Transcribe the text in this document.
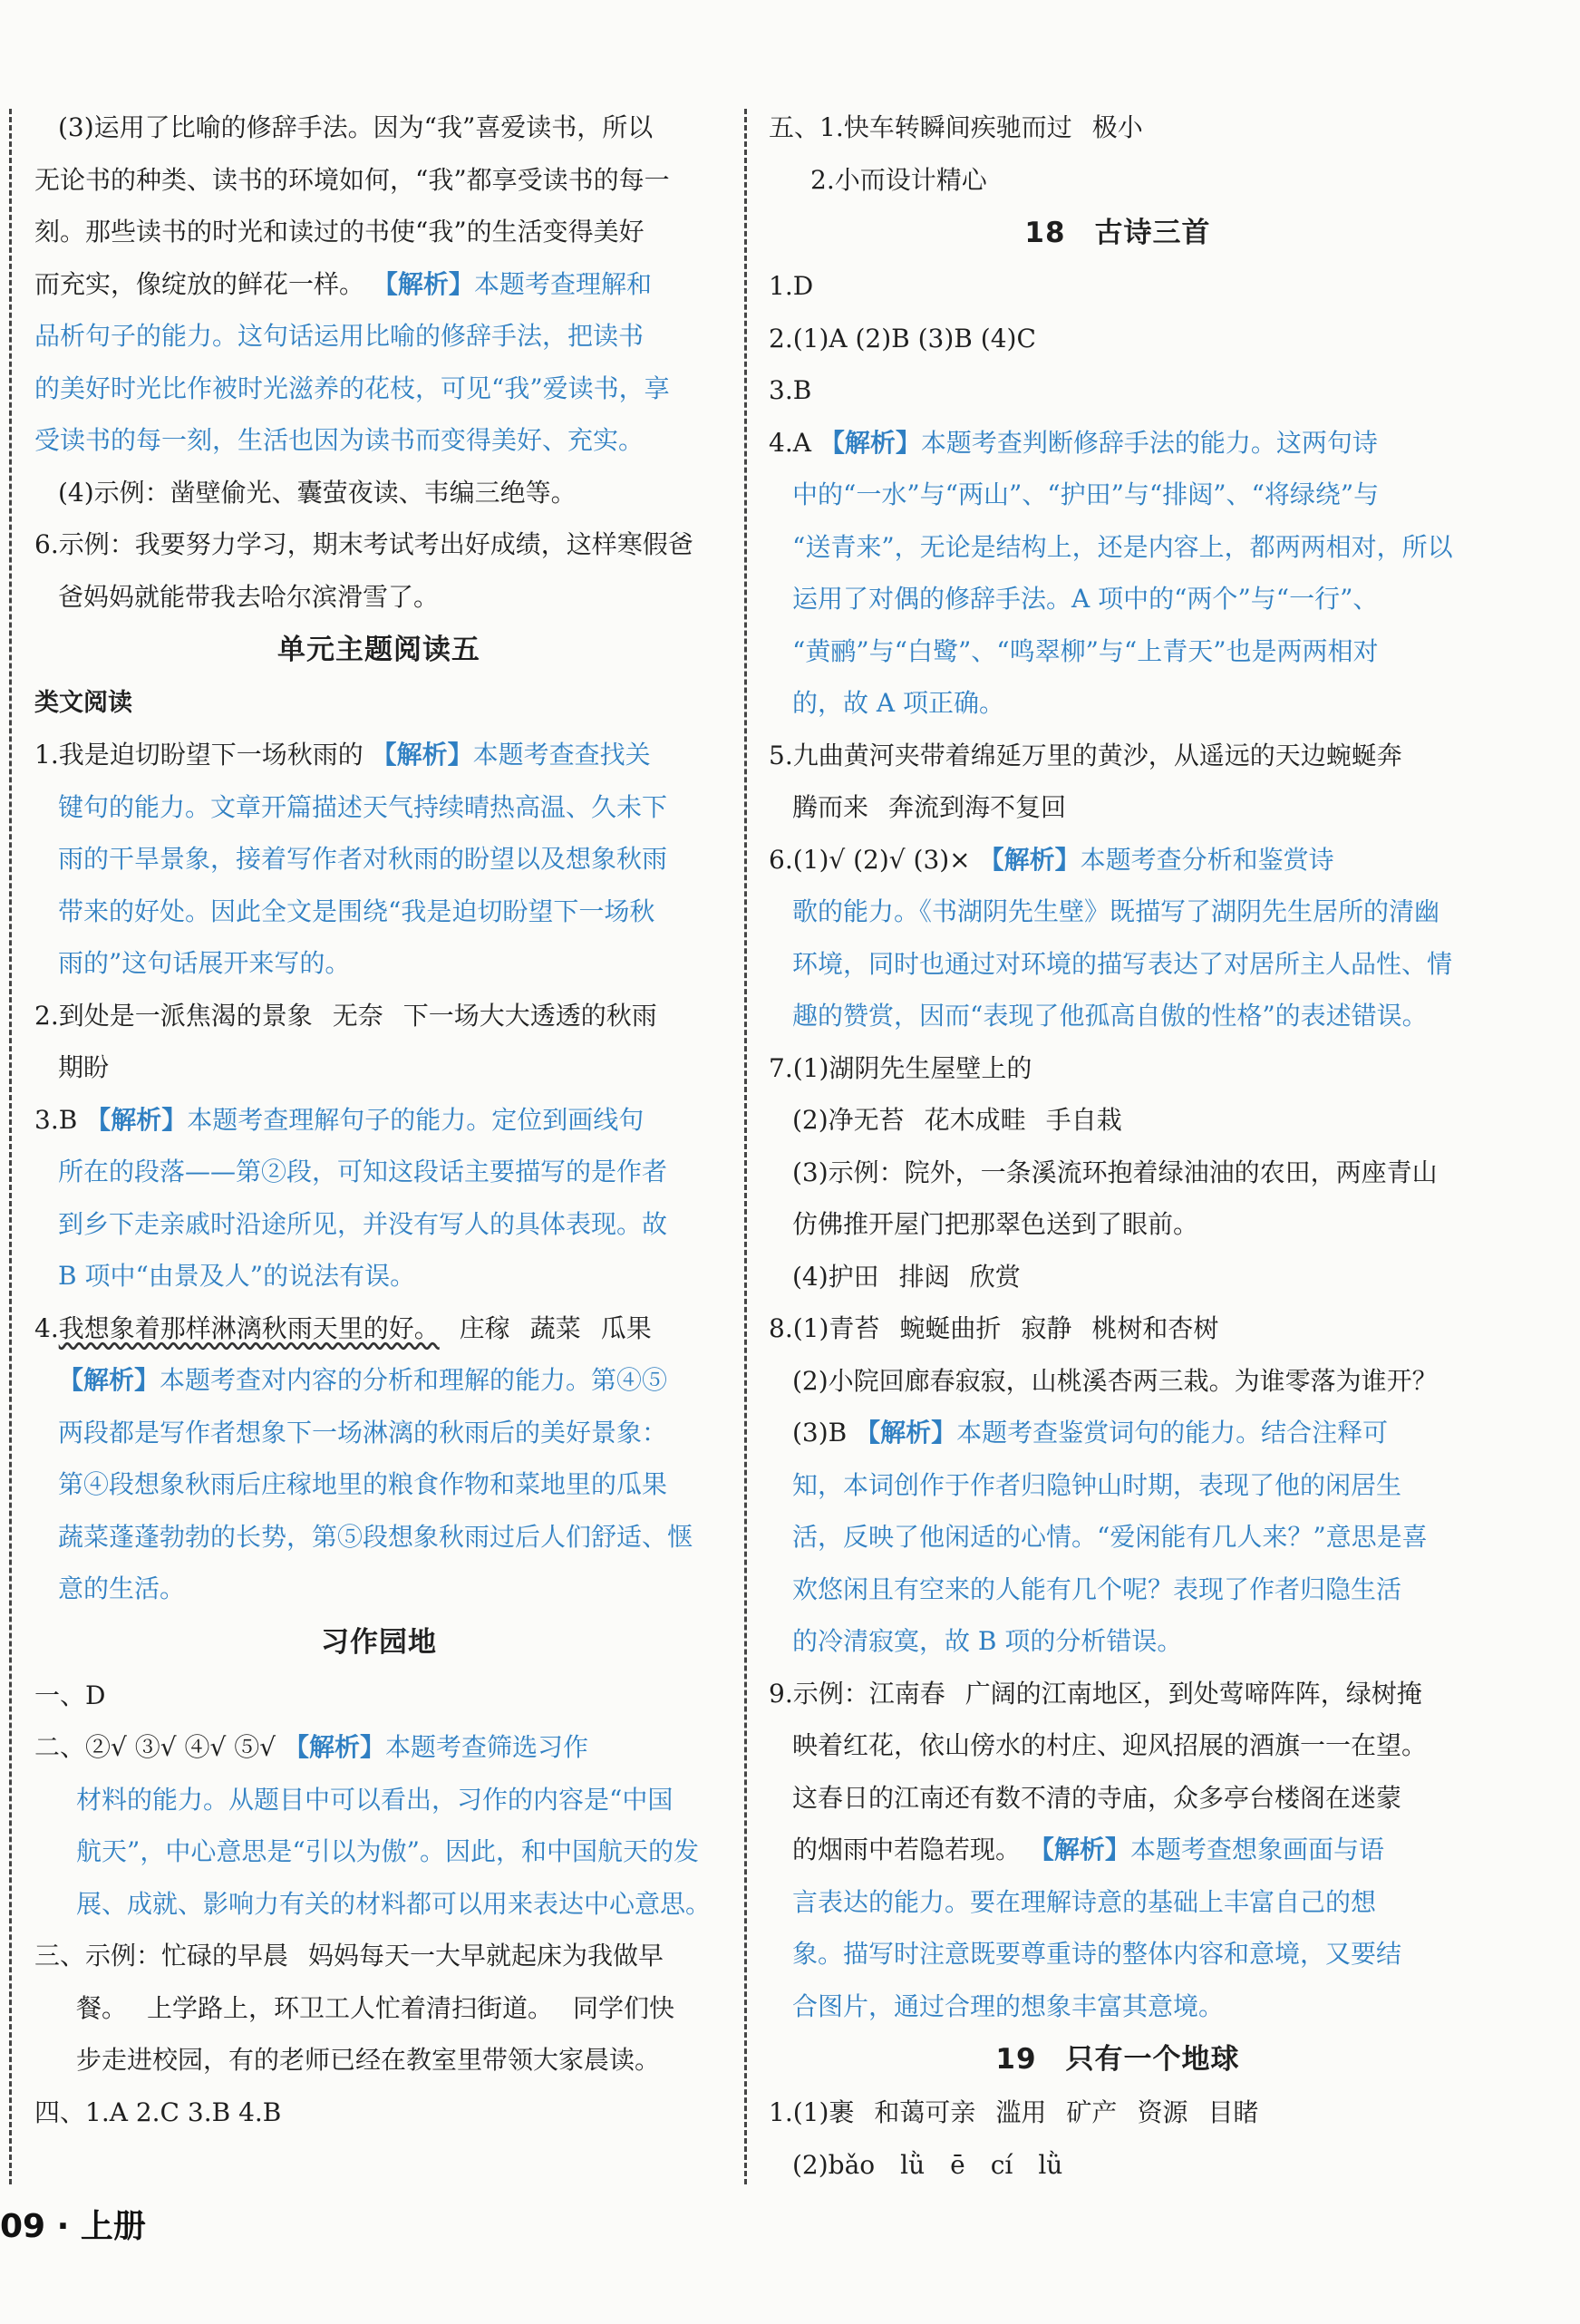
(3)运用了比喻的修辞手法。因为“我”喜爱读书，所以

无论书的种类、读书的环境如何，“我”都享受读书的每一

刻。那些读书的时光和读过的书使“我”的生活变得美好

而充实，像绽放的鲜花一样。 【解析】本题考查理解和

品析句子的能力。这句话运用比喻的修辞手法，把读书

的美好时光比作被时光滋养的花枝，可见“我”爱读书，享

受读书的每一刻，生活也因为读书而变得美好、充实。

(4)示例：凿壁偷光、囊萤夜读、韦编三绝等。

6.示例：我要努力学习，期末考试考出好成绩，这样寒假爸

爸妈妈就能带我去哈尔滨滑雪了。

单元主题阅读五

类文阅读

1.我是迫切盼望下一场秋雨的 【解析】本题考查查找关

键句的能力。文章开篇描述天气持续晴热高温、久未下

雨的干旱景象，接着写作者对秋雨的盼望以及想象秋雨

带来的好处。因此全文是围绕“我是迫切盼望下一场秋

雨的”这句话展开来写的。

2.到处是一派焦渴的景象 无奈 下一场大大透透的秋雨

期盼

3.B 【解析】本题考查理解句子的能力。定位到画线句

所在的段落——第②段，可知这段话主要描写的是作者

到乡下走亲戚时沿途所见，并没有写人的具体表现。故

B 项中“由景及人”的说法有误。

4.我想象着那样淋漓秋雨天里的好。 庄稼 蔬菜 瓜果

【解析】本题考查对内容的分析和理解的能力。第④⑤

两段都是写作者想象下一场淋漓的秋雨后的美好景象：

第④段想象秋雨后庄稼地里的粮食作物和菜地里的瓜果

蔬菜蓬蓬勃勃的长势，第⑤段想象秋雨过后人们舒适、惬

意的生活。

习作园地

一、D

二、②√ ③√ ④√ ⑤√ 【解析】本题考查筛选习作

材料的能力。从题目中可以看出，习作的内容是“中国

航天”，中心意思是“引以为傲”。因此，和中国航天的发

展、成就、影响力有关的材料都可以用来表达中心意思。

三、示例：忙碌的早晨 妈妈每天一大早就起床为我做早

餐。 上学路上，环卫工人忙着清扫街道。 同学们快

步走进校园，有的老师已经在教室里带领大家晨读。

四、1.A 2.C 3.B 4.B

五、1.快车转瞬间疾驰而过 极小

2.小而设计精心

18　古诗三首

1.D

2.(1)A (2)B (3)B (4)C

3.B

4.A 【解析】本题考查判断修辞手法的能力。这两句诗

中的“一水”与“两山”、“护田”与“排闼”、“将绿绕”与

“送青来”，无论是结构上，还是内容上，都两两相对，所以

运用了对偶的修辞手法。A 项中的“两个”与“一行”、

“黄鹂”与“白鹭”、“鸣翠柳”与“上青天”也是两两相对

的，故 A 项正确。

5.九曲黄河夹带着绵延万里的黄沙，从遥远的天边蜿蜒奔

腾而来 奔流到海不复回

6.(1)√ (2)√ (3)× 【解析】本题考查分析和鉴赏诗

歌的能力。《书湖阴先生壁》既描写了湖阴先生居所的清幽

环境，同时也通过对环境的描写表达了对居所主人品性、情

趣的赞赏，因而“表现了他孤高自傲的性格”的表述错误。

7.(1)湖阴先生屋壁上的

(2)净无苔 花木成畦 手自栽

(3)示例：院外，一条溪流环抱着绿油油的农田，两座青山

仿佛推开屋门把那翠色送到了眼前。

(4)护田 排闼 欣赏

8.(1)青苔 蜿蜒曲折 寂静 桃树和杏树

(2)小院回廊春寂寂，山桃溪杏两三栽。为谁零落为谁开？

(3)B 【解析】本题考查鉴赏词句的能力。结合注释可

知，本词创作于作者归隐钟山时期，表现了他的闲居生

活，反映了他闲适的心情。“爱闲能有几人来？”意思是喜

欢悠闲且有空来的人能有几个呢？表现了作者归隐生活

的冷清寂寞，故 B 项的分析错误。

9.示例：江南春 广阔的江南地区，到处莺啼阵阵，绿树掩

映着红花，依山傍水的村庄、迎风招展的酒旗一一在望。

这春日的江南还有数不清的寺庙，众多亭台楼阁在迷蒙

的烟雨中若隐若现。 【解析】本题考查想象画面与语

言表达的能力。要在理解诗意的基础上丰富自己的想

象。描写时注意既要尊重诗的整体内容和意境，又要结

合图片，通过合理的想象丰富其意境。

19　只有一个地球

1.(1)裹 和蔼可亲 滥用 矿产 资源 目睹

(2)bǎo　lǜ　ē　cí　lǜ

09 · 上册
